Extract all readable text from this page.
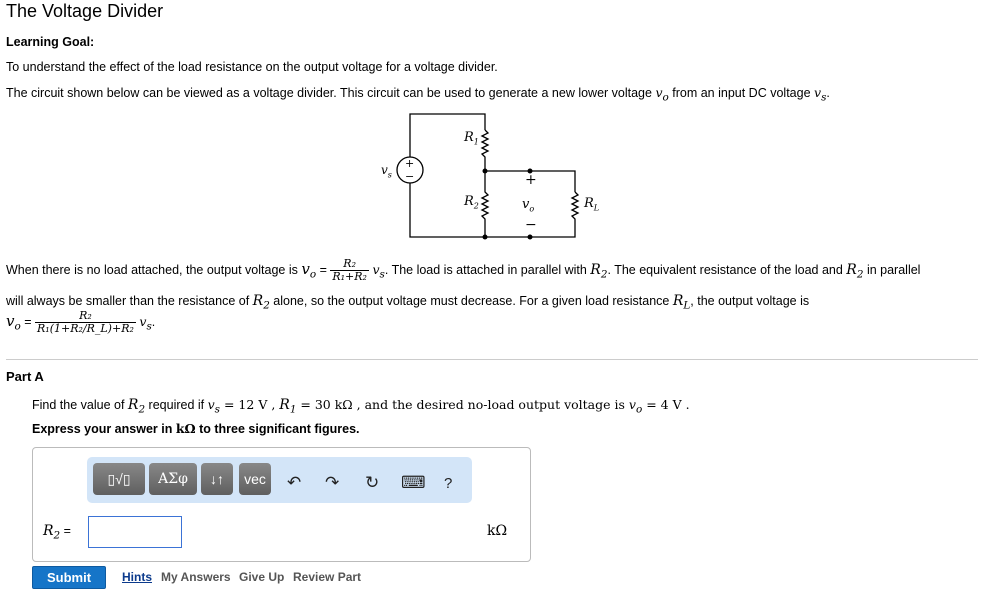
The Voltage Divider
Learning Goal:
To understand the effect of the load resistance on the output voltage for a voltage divider.
The circuit shown below can be viewed as a voltage divider. This circuit can be used to generate a new lower voltage $v_o$ from an input DC voltage $v_s$.
+
−
$v_s$
$R_1$
$R_2$	$R_L$
+
−
$v_o$
When there is no load attached, the output voltage is $v_o = \frac{\text{R₂}}{\text{R₁+R₂}} v_s$. The load is attached in parallel with $R_2$. The equivalent resistance of the load and $R_2$ in parallel
will always be smaller than the resistance of $R_2$ alone, so the output voltage must decrease. For a given load resistance $R_L$, the output voltage is
$v_o = \frac{\text{R₂}}{\text{R₁(1+R₂/R\_L)+R₂}} v_s$.
Part A
Find the value of $R_2$ required if $v_s = 12$ V , $R_1 = 30$ kΩ , and the desired no-load output voltage is $v_o = 4$ V .
Express your answer in kΩ to three significant figures.
▯√▯	ΑΣφ	↓↑	vec	↶ ↷ ↻ ⌨ ?
$R_2$ =	kΩ
Submit	Hints My Answers Give Up Review Part
